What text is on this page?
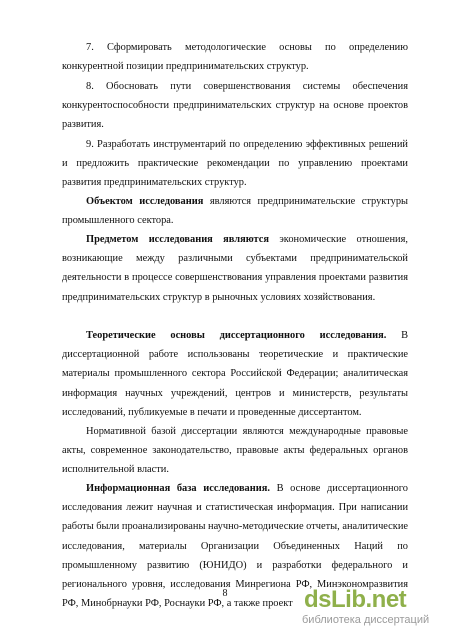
7. Сформировать методологические основы по определению конкурентной позиции предпринимательских структур.

8. Обосновать пути совершенствования системы обеспечения конкурентоспособности предпринимательских структур на основе проектов развития.

9. Разработать инструментарий по определению эффективных решений и предложить практические рекомендации по управлению проектами развития предпринимательских структур.

Объектом исследования являются предпринимательские структуры промышленного сектора.

Предметом исследования являются экономические отношения, возникающие между различными субъектами предпринимательской деятельности в процессе совершенствования управления проектами развития предпринимательских структур в рыночных условиях хозяйствования.

Теоретические основы диссертационного исследования. В диссертационной работе использованы теоретические и практические материалы промышленного сектора Российской Федерации; аналитическая информация научных учреждений, центров и министерств, результаты исследований, публикуемые в печати и проведенные диссертантом.

Нормативной базой диссертации являются международные правовые акты, современное законодательство, правовые акты федеральных органов исполнительной власти.

Информационная база исследования. В основе диссертационного исследования лежит научная и статистическая информация. При написании работы были проанализированы научно-методические отчеты, аналитические исследования, материалы Организации Объединенных Наций по промышленному развитию (ЮНИДО) и разработки федерального и регионального уровня, исследования Минрегиона РФ, Минэкономразвития РФ, Минобрнауки РФ, Роснауки РФ, а также проект

8	dsLib.net
библиотека диссертаций
